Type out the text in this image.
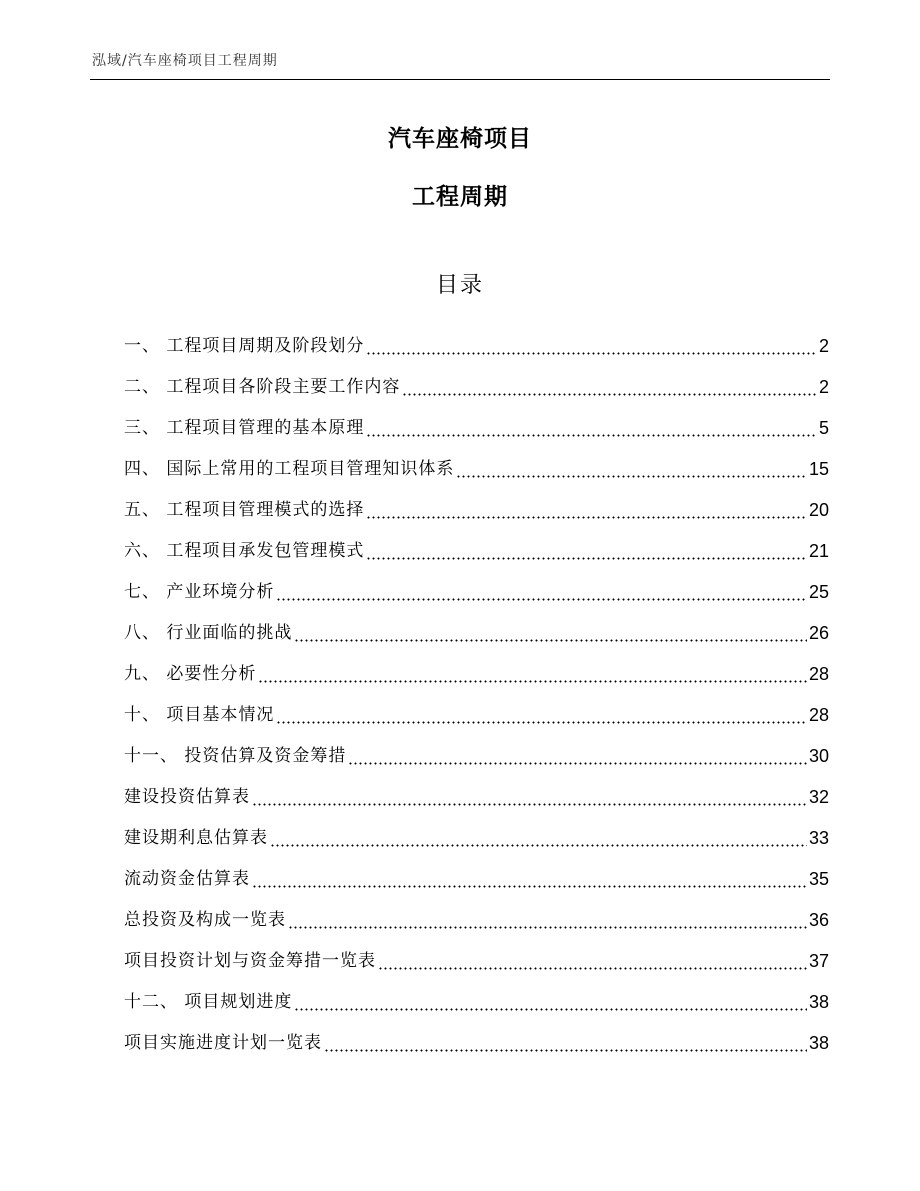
泓域/汽车座椅项目工程周期
汽车座椅项目
工程周期
目录
一、 工程项目周期及阶段划分	2
二、 工程项目各阶段主要工作内容	2
三、 工程项目管理的基本原理	5
四、 国际上常用的工程项目管理知识体系	15
五、 工程项目管理模式的选择	20
六、 工程项目承发包管理模式	21
七、 产业环境分析	25
八、 行业面临的挑战	26
九、 必要性分析	28
十、 项目基本情况	28
十一、 投资估算及资金筹措	30
建设投资估算表	32
建设期利息估算表	33
流动资金估算表	35
总投资及构成一览表	36
项目投资计划与资金筹措一览表	37
十二、 项目规划进度	38
项目实施进度计划一览表	38
